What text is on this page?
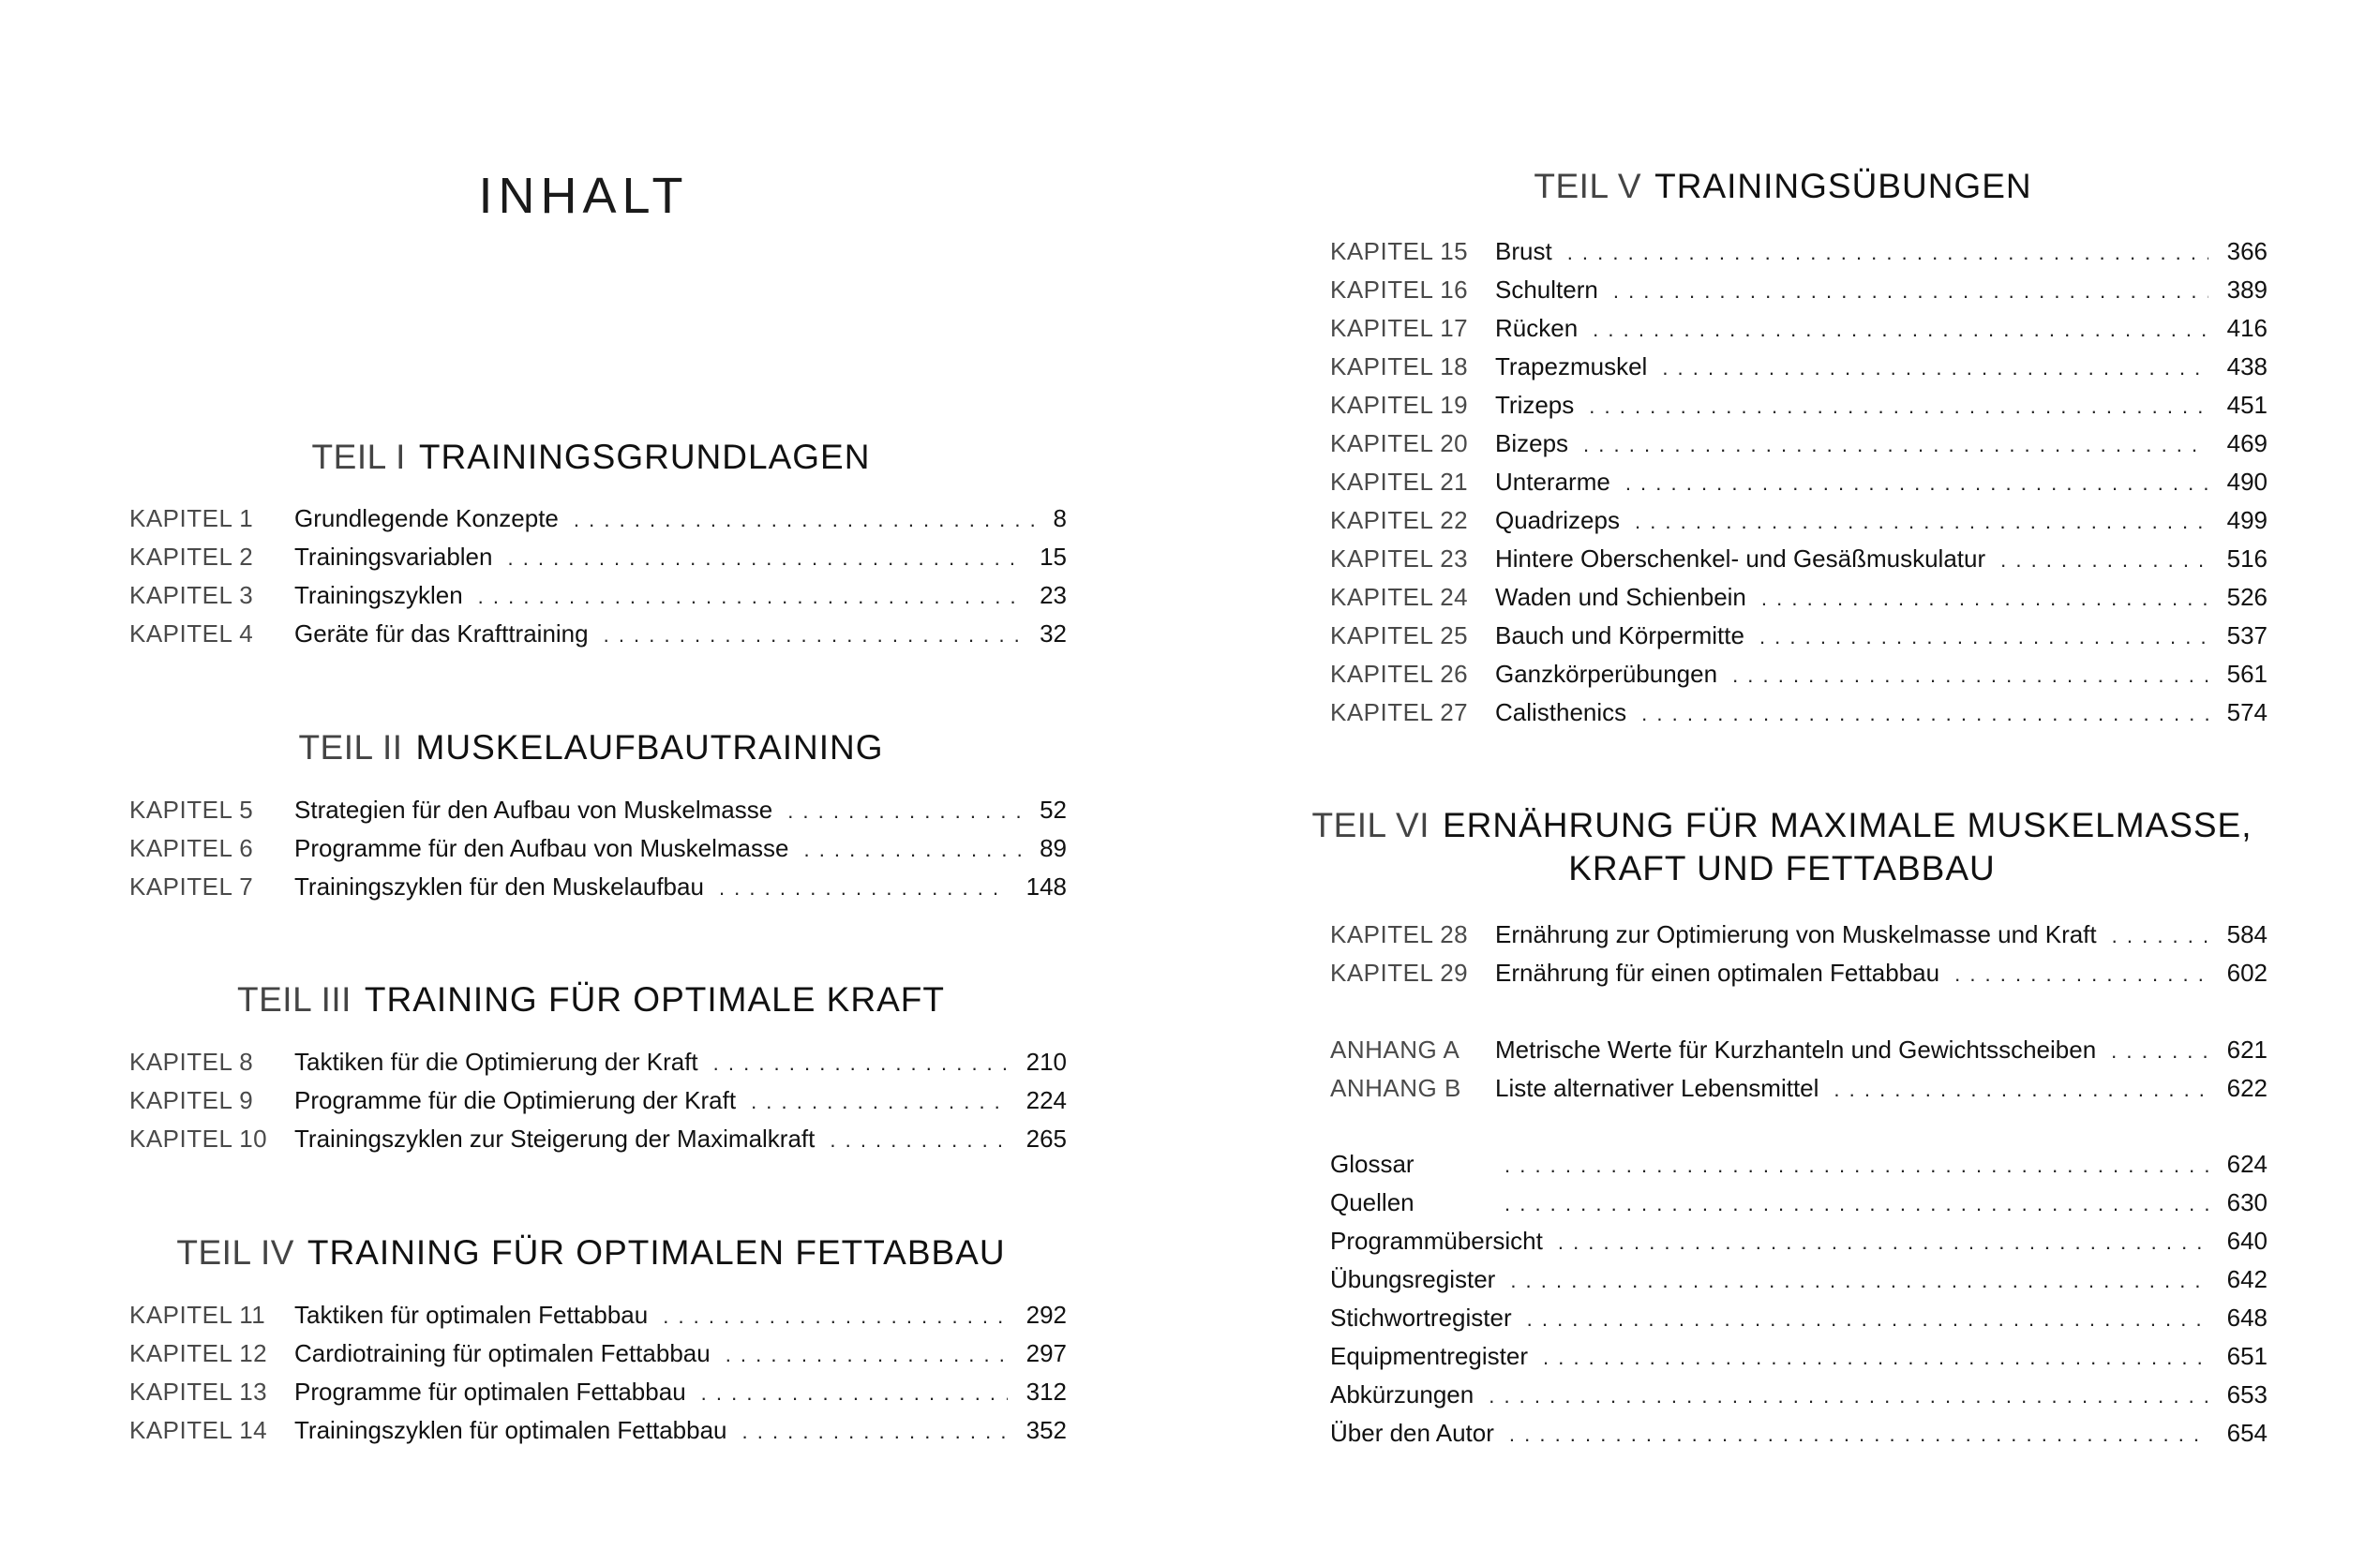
INHALT
TEIL I TRAININGSGRUNDLAGEN
KAPITEL 1 Grundlegende Konzepte . . .	8
KAPITEL 2 Trainingsvariablen . . .	15
KAPITEL 3 Trainingszyklen . . .	23
KAPITEL 4 Geräte für das Krafttraining . . .	32
TEIL II MUSKELAUFBAUTRAINING
KAPITEL 5 Strategien für den Aufbau von Muskelmasse . . .	52
KAPITEL 6 Programme für den Aufbau von Muskelmasse . . .	89
KAPITEL 7 Trainingszyklen für den Muskelaufbau . . .	148
TEIL III TRAINING FÜR OPTIMALE KRAFT
KAPITEL 8 Taktiken für die Optimierung der Kraft . . .	210
KAPITEL 9 Programme für die Optimierung der Kraft . . .	224
KAPITEL 10 Trainingszyklen zur Steigerung der Maximalkraft . . .	265
TEIL IV TRAINING FÜR OPTIMALEN FETTABBAU
KAPITEL 11 Taktiken für optimalen Fettabbau . . .	292
KAPITEL 12 Cardiotraining für optimalen Fettabbau . . .	297
KAPITEL 13 Programme für optimalen Fettabbau . . .	312
KAPITEL 14 Trainingszyklen für optimalen Fettabbau . . .	352
TEIL V TRAININGSÜBUNGEN
KAPITEL 15 Brust . . .	366
KAPITEL 16 Schultern . . .	389
KAPITEL 17 Rücken . . .	416
KAPITEL 18 Trapezmuskel . . .	438
KAPITEL 19 Trizeps . . .	451
KAPITEL 20 Bizeps . . .	469
KAPITEL 21 Unterarme . . .	490
KAPITEL 22 Quadrizeps . . .	499
KAPITEL 23 Hintere Oberschenkel- und Gesäßmuskulatur . . .	516
KAPITEL 24 Waden und Schienbein . . .	526
KAPITEL 25 Bauch und Körpermitte . . .	537
KAPITEL 26 Ganzkörperübungen . . .	561
KAPITEL 27 Calisthenics . . .	574
TEIL VI ERNÄHRUNG FÜR MAXIMALE MUSKELMASSE,
KRAFT UND FETTABBAU
KAPITEL 28 Ernährung zur Optimierung von Muskelmasse und Kraft . . .	584
KAPITEL 29 Ernährung für einen optimalen Fettabbau . . .	602
ANHANG A Metrische Werte für Kurzhanteln und Gewichtsscheiben . . .	621
ANHANG B Liste alternativer Lebensmittel . . .	622
Glossar . . .	624
Quellen . . .	630
Programmübersicht . . .	640
Übungsregister . . .	642
Stichwortregister . . .	648
Equipmentregister . . .	651
Abkürzungen . . .	653
Über den Autor . . .	654
